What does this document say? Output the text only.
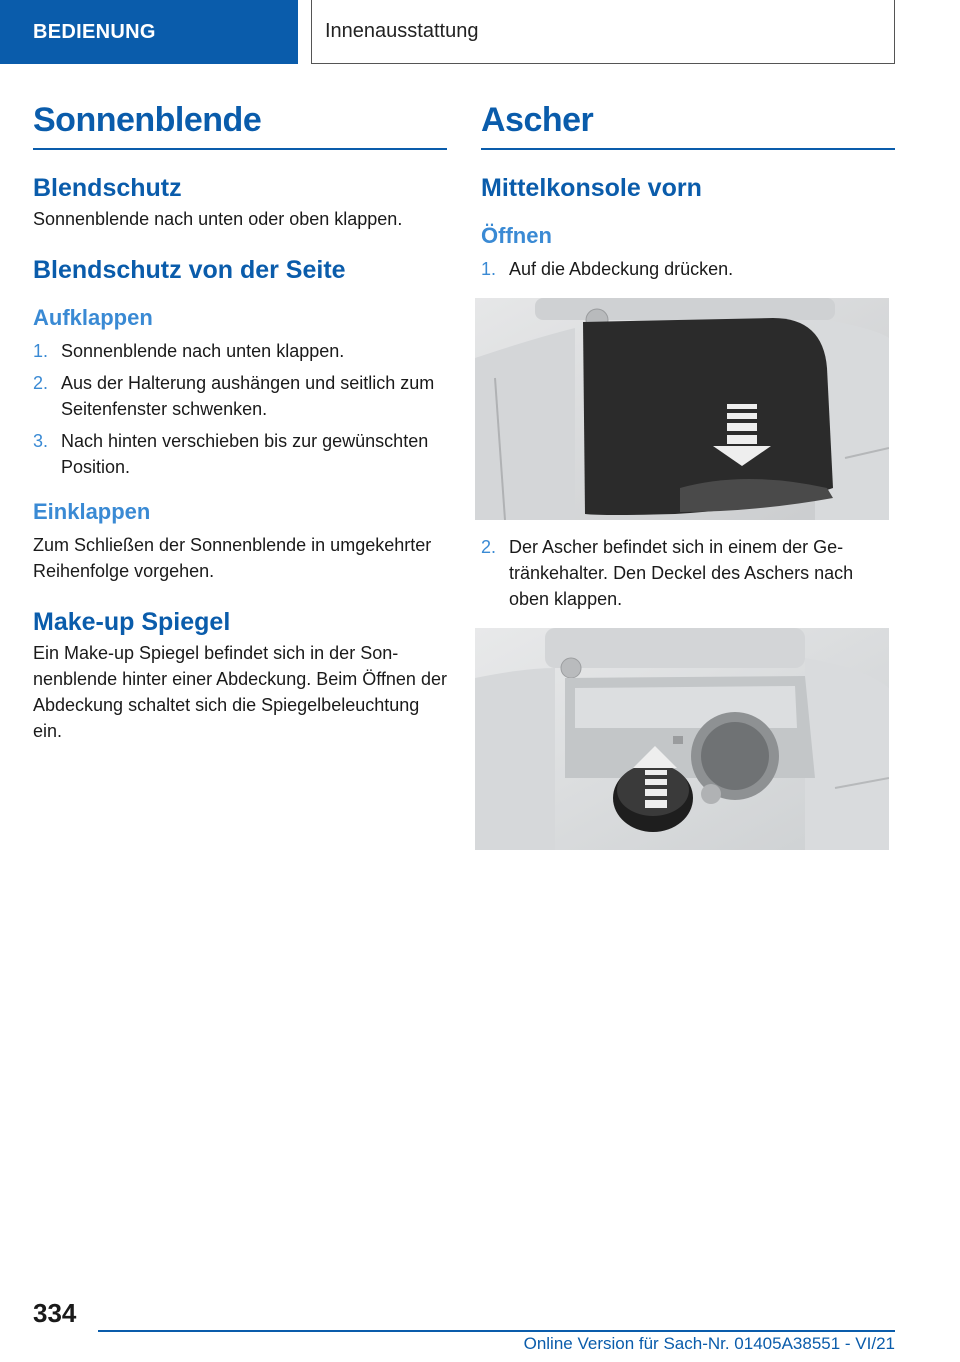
BEDIENUNG	Innenausstattung
Sonnenblende
Blendschutz

Sonnenblende nach unten oder oben klappen.

Blendschutz von der Seite
Aufklappen
1. Sonnenblende nach unten klappen.
2. Aus der Halterung aushängen und seitlich zum Seitenfenster schwenken.
3. Nach hinten verschieben bis zur gewünschten Position.
Einklappen

Zum Schließen der Sonnenblende in umgekehrter Reihenfolge vorgehen.

Make-up Spiegel

Ein Make-up Spiegel befindet sich in der Sonnenblende hinter einer Abdeckung. Beim Öffnen der Abdeckung schaltet sich die Spiegelbeleuchtung ein.

Ascher
Mittelkonsole vorn
Öffnen
1. Auf die Abdeckung drücken.
2. Der Ascher befindet sich in einem der Getränkehalter. Den Deckel des Aschers nach oben klappen.
334
Online Version für Sach-Nr. 01405A38551 - VI/21
